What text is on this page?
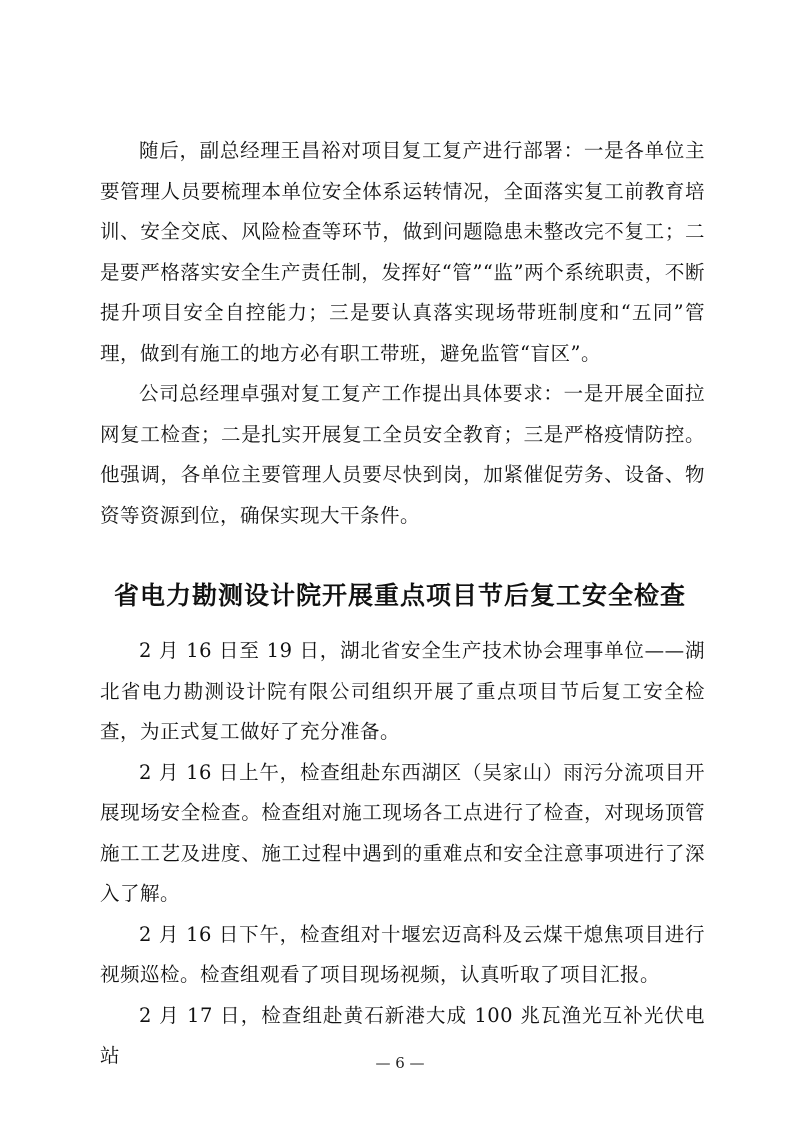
随后，副总经理王昌裕对项目复工复产进行部署：一是各单位主要管理人员要梳理本单位安全体系运转情况，全面落实复工前教育培训、安全交底、风险检查等环节，做到问题隐患未整改完不复工；二是要严格落实安全生产责任制，发挥好“管”“监”两个系统职责，不断提升项目安全自控能力；三是要认真落实现场带班制度和“五同”管理，做到有施工的地方必有职工带班，避免监管“盲区”。

公司总经理卓强对复工复产工作提出具体要求：一是开展全面拉网复工检查；二是扎实开展复工全员安全教育；三是严格疫情防控。他强调，各单位主要管理人员要尽快到岗，加紧催促劳务、设备、物资等资源到位，确保实现大干条件。

省电力勘测设计院开展重点项目节后复工安全检查

2 月 16 日至 19 日，湖北省安全生产技术协会理事单位——湖北省电力勘测设计院有限公司组织开展了重点项目节后复工安全检查，为正式复工做好了充分准备。

2 月 16 日上午，检查组赴东西湖区（吴家山）雨污分流项目开展现场安全检查。检查组对施工现场各工点进行了检查，对现场顶管施工工艺及进度、施工过程中遇到的重难点和安全注意事项进行了深入了解。

2 月 16 日下午，检查组对十堰宏迈高科及云煤干熄焦项目进行视频巡检。检查组观看了项目现场视频，认真听取了项目汇报。

2 月 17 日，检查组赴黄石新港大成 100 兆瓦渔光互补光伏电站	— 6 —
